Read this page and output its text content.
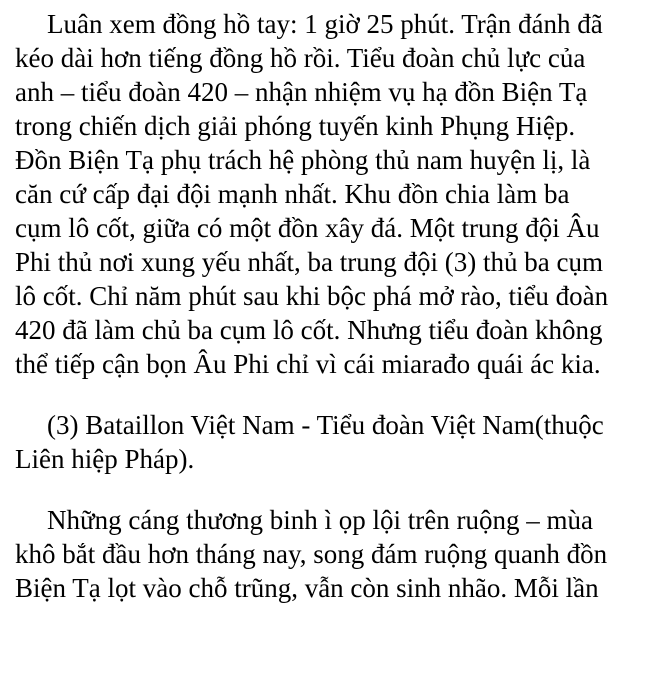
Luân xem đồng hồ tay: 1 giờ 25 phút. Trận đánh đã
kéo dài hơn tiếng đồng hồ rồi. Tiểu đoàn chủ lực của
anh – tiểu đoàn 420 – nhận nhiệm vụ hạ đồn Biện Tạ
trong chiến dịch giải phóng tuyến kinh Phụng Hiệp.
Đồn Biện Tạ phụ trách hệ phòng thủ nam huyện lị, là
căn cứ cấp đại đội mạnh nhất. Khu đồn chia làm ba
cụm lô cốt, giữa có một đồn xây đá. Một trung đội Âu
Phi thủ nơi xung yếu nhất, ba trung đội (3) thủ ba cụm
lô cốt. Chỉ năm phút sau khi bộc phá mở rào, tiểu đoàn
420 đã làm chủ ba cụm lô cốt. Nhưng tiểu đoàn không
thể tiếp cận bọn Âu Phi chỉ vì cái miarađo quái ác kia.
(3) Bataillon Việt Nam - Tiểu đoàn Việt Nam(thuộc
Liên hiệp Pháp).
Những cáng thương binh ì ọp lội trên ruộng – mùa
khô bắt đầu hơn tháng nay, song đám ruộng quanh đồn
Biện Tạ lọt vào chỗ trũng, vẫn còn sinh nhão. Mỗi lần
